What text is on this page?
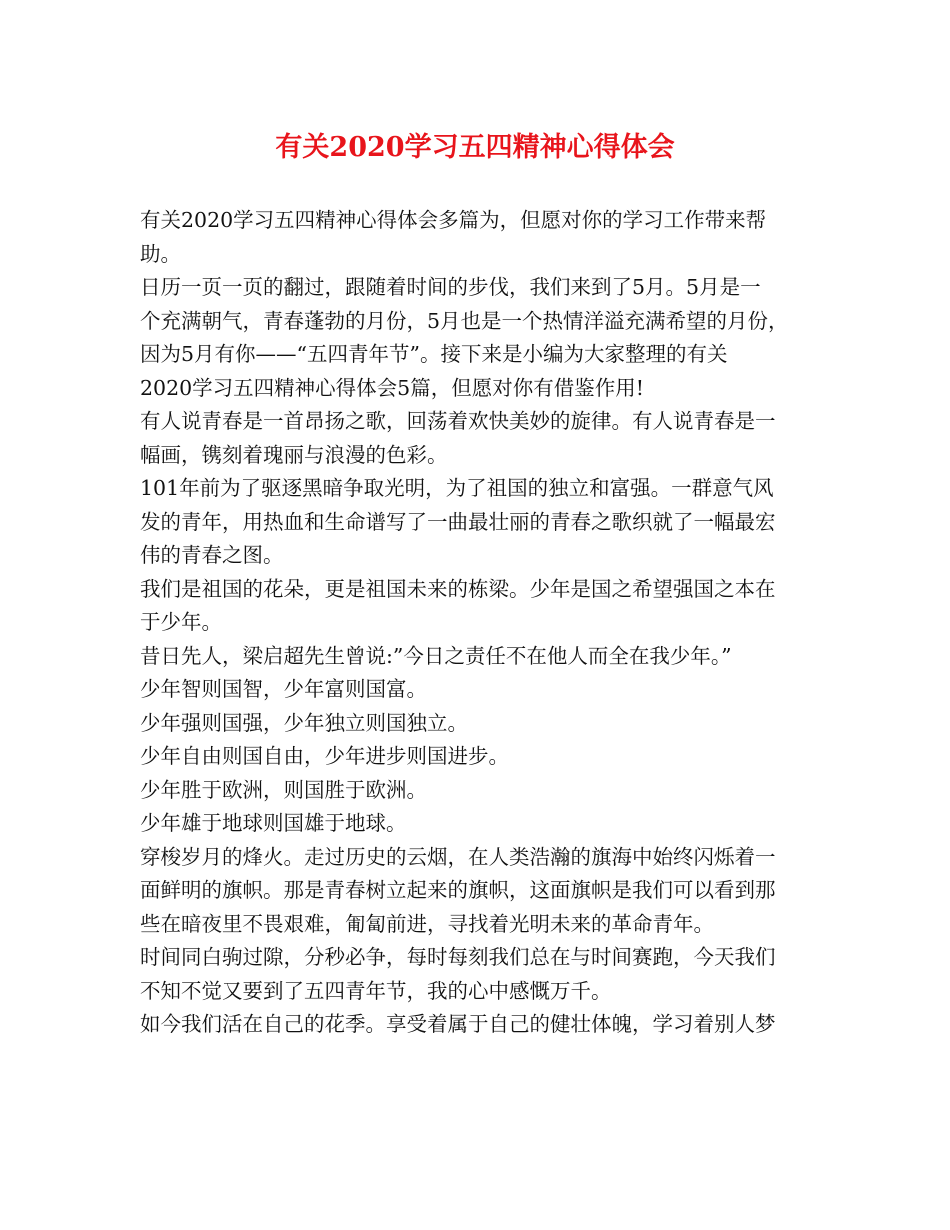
有关2020学习五四精神心得体会
有关2020学习五四精神心得体会多篇为，但愿对你的学习工作带来帮
助。
日历一页一页的翻过，跟随着时间的步伐，我们来到了5月。5月是一
个充满朝气，青春蓬勃的月份，5月也是一个热情洋溢充满希望的月份，
因为5月有你——“五四青年节”。接下来是小编为大家整理的有关
2020学习五四精神心得体会5篇，但愿对你有借鉴作用!
有人说青春是一首昂扬之歌，回荡着欢快美妙的旋律。有人说青春是一
幅画，镌刻着瑰丽与浪漫的色彩。
101年前为了驱逐黑暗争取光明，为了祖国的独立和富强。一群意气风
发的青年，用热血和生命谱写了一曲最壮丽的青春之歌织就了一幅最宏
伟的青春之图。
我们是祖国的花朵，更是祖国未来的栋梁。少年是国之希望强国之本在
于少年。
昔日先人，梁启超先生曾说:”今日之责任不在他人而全在我少年。”
少年智则国智，少年富则国富。
少年强则国强，少年独立则国独立。
少年自由则国自由，少年进步则国进步。
少年胜于欧洲，则国胜于欧洲。
少年雄于地球则国雄于地球。
穿梭岁月的烽火。走过历史的云烟，在人类浩瀚的旗海中始终闪烁着一
面鲜明的旗帜。那是青春树立起来的旗帜，这面旗帜是我们可以看到那
些在暗夜里不畏艰难，匍匐前进，寻找着光明未来的革命青年。
时间同白驹过隙，分秒必争，每时每刻我们总在与时间赛跑，今天我们
不知不觉又要到了五四青年节，我的心中感慨万千。
如今我们活在自己的花季。享受着属于自己的健壮体魄，学习着别人梦
